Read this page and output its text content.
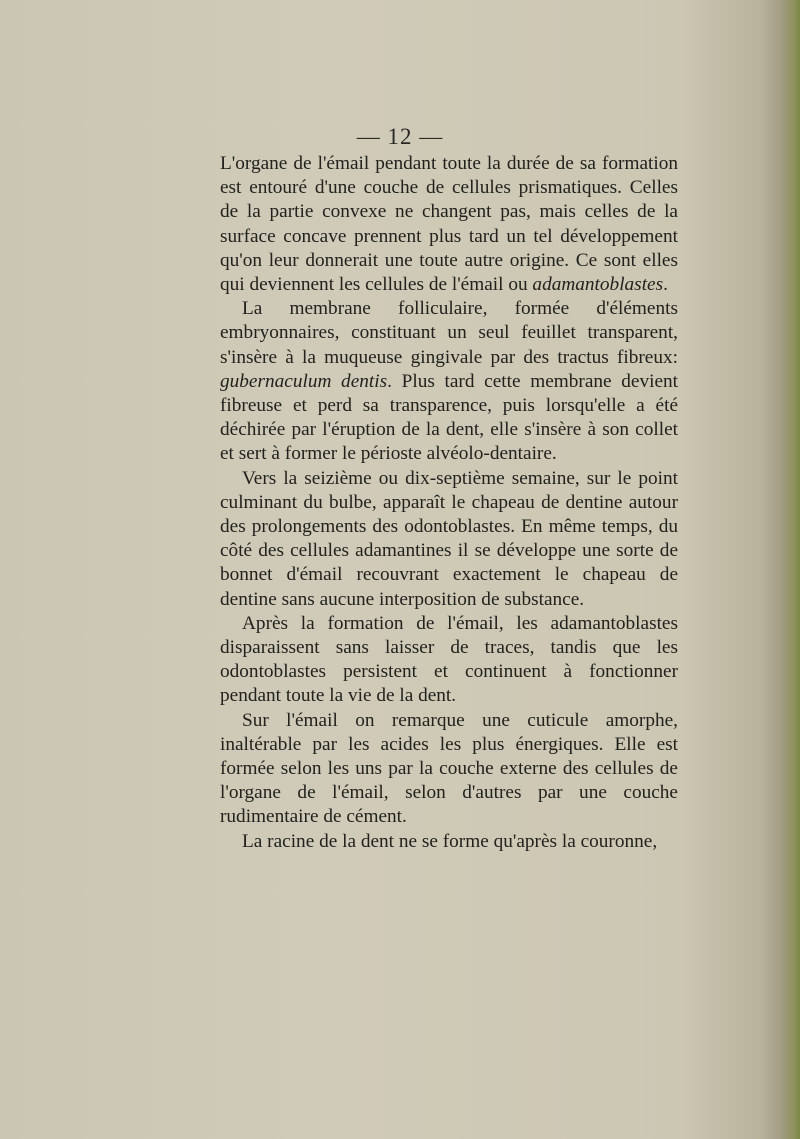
— 12 —

L'organe de l'émail pendant toute la durée de sa formation est entouré d'une couche de cellules prismatiques. Celles de la partie convexe ne changent pas, mais celles de la surface concave prennent plus tard un tel développement qu'on leur donnerait une toute autre origine. Ce sont elles qui deviennent les cellules de l'émail ou adamantoblastes.

La membrane folliculaire, formée d'éléments embryonnaires, constituant un seul feuillet transparent, s'insère à la muqueuse gingivale par des tractus fibreux: gubernaculum dentis. Plus tard cette membrane devient fibreuse et perd sa transparence, puis lorsqu'elle a été déchirée par l'éruption de la dent, elle s'insère à son collet et sert à former le périoste alvéolo-dentaire.

Vers la seizième ou dix-septième semaine, sur le point culminant du bulbe, apparaît le chapeau de dentine autour des prolongements des odontoblastes. En même temps, du côté des cellules adamantines il se développe une sorte de bonnet d'émail recouvrant exactement le chapeau de dentine sans aucune interposition de substance.

Après la formation de l'émail, les adamantoblastes disparaissent sans laisser de traces, tandis que les odontoblastes persistent et continuent à fonctionner pendant toute la vie de la dent.

Sur l'émail on remarque une cuticule amorphe, inaltérable par les acides les plus énergiques. Elle est formée selon les uns par la couche externe des cellules de l'organe de l'émail, selon d'autres par une couche rudimentaire de cément.

La racine de la dent ne se forme qu'après la couronne,
